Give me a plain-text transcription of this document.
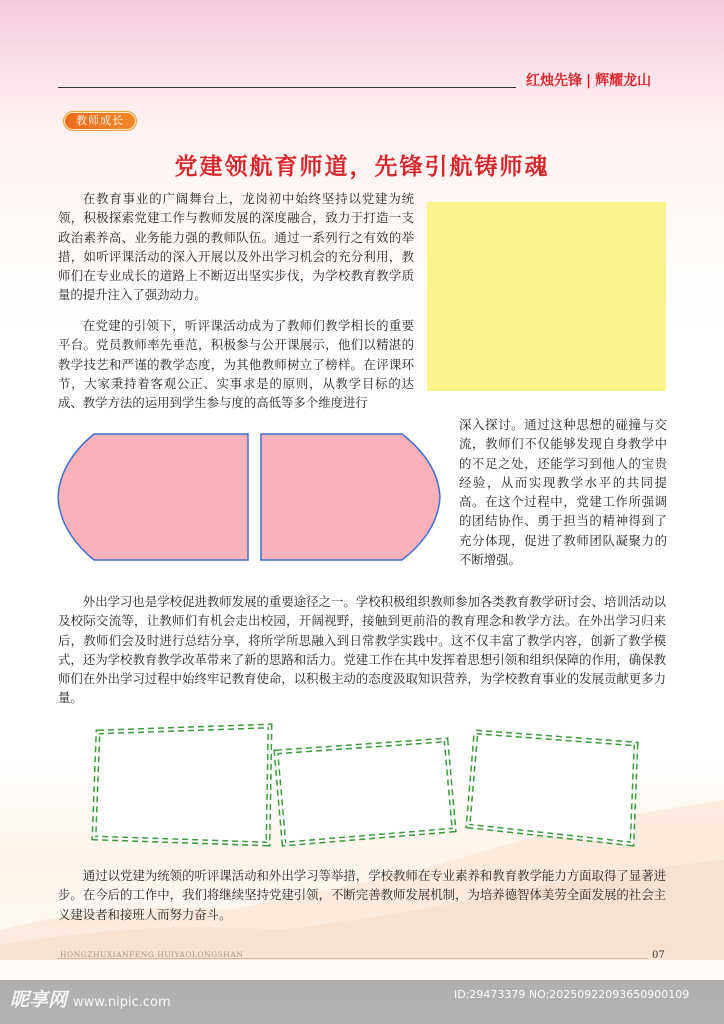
红烛先锋 | 辉耀龙山
教师成长
党建领航育师道，先锋引航铸师魂

在教育事业的广阔舞台上，龙岗初中始终坚持以党建为统领，积极探索党建工作与教师发展的深度融合，致力于打造一支政治素养高、业务能力强的教师队伍。通过一系列行之有效的举措，如听评课活动的深入开展以及外出学习机会的充分利用，教师们在专业成长的道路上不断迈出坚实步伐，为学校教育教学质量的提升注入了强劲动力。

在党建的引领下，听评课活动成为了教师们教学相长的重要平台。党员教师率先垂范，积极参与公开课展示，他们以精湛的教学技艺和严谨的教学态度，为其他教师树立了榜样。在评课环节，大家秉持着客观公正、实事求是的原则，从教学目标的达成、教学方法的运用到学生参与度的高低等多个维度进行

深入探讨。通过这种思想的碰撞与交流，教师们不仅能够发现自身教学中的不足之处，还能学习到他人的宝贵经验，从而实现教学水平的共同提高。在这个过程中，党建工作所强调的团结协作、勇于担当的精神得到了充分体现，促进了教师团队凝聚力的不断增强。

外出学习也是学校促进教师发展的重要途径之一。学校积极组织教师参加各类教育教学研讨会、培训活动以及校际交流等，让教师们有机会走出校园，开阔视野，接触到更前沿的教育理念和教学方法。在外出学习归来后，教师们会及时进行总结分享，将所学所思融入到日常教学实践中。这不仅丰富了教学内容，创新了教学模式，还为学校教育教学改革带来了新的思路和活力。党建工作在其中发挥着思想引领和组织保障的作用，确保教师们在外出学习过程中始终牢记教育使命，以积极主动的态度汲取知识营养，为学校教育事业的发展贡献更多力量。

通过以党建为统领的听评课活动和外出学习等举措，学校教师在专业素养和教育教学能力方面取得了显著进步。在今后的工作中，我们将继续坚持党建引领，不断完善教师发展机制，为培养德智体美劳全面发展的社会主义建设者和接班人而努力奋斗。

HONGZHUXIANFENG HUIYAOLONGSHAN	07
昵享网 www.nipic.com
ID:29473379 NO:20250922093650900109
